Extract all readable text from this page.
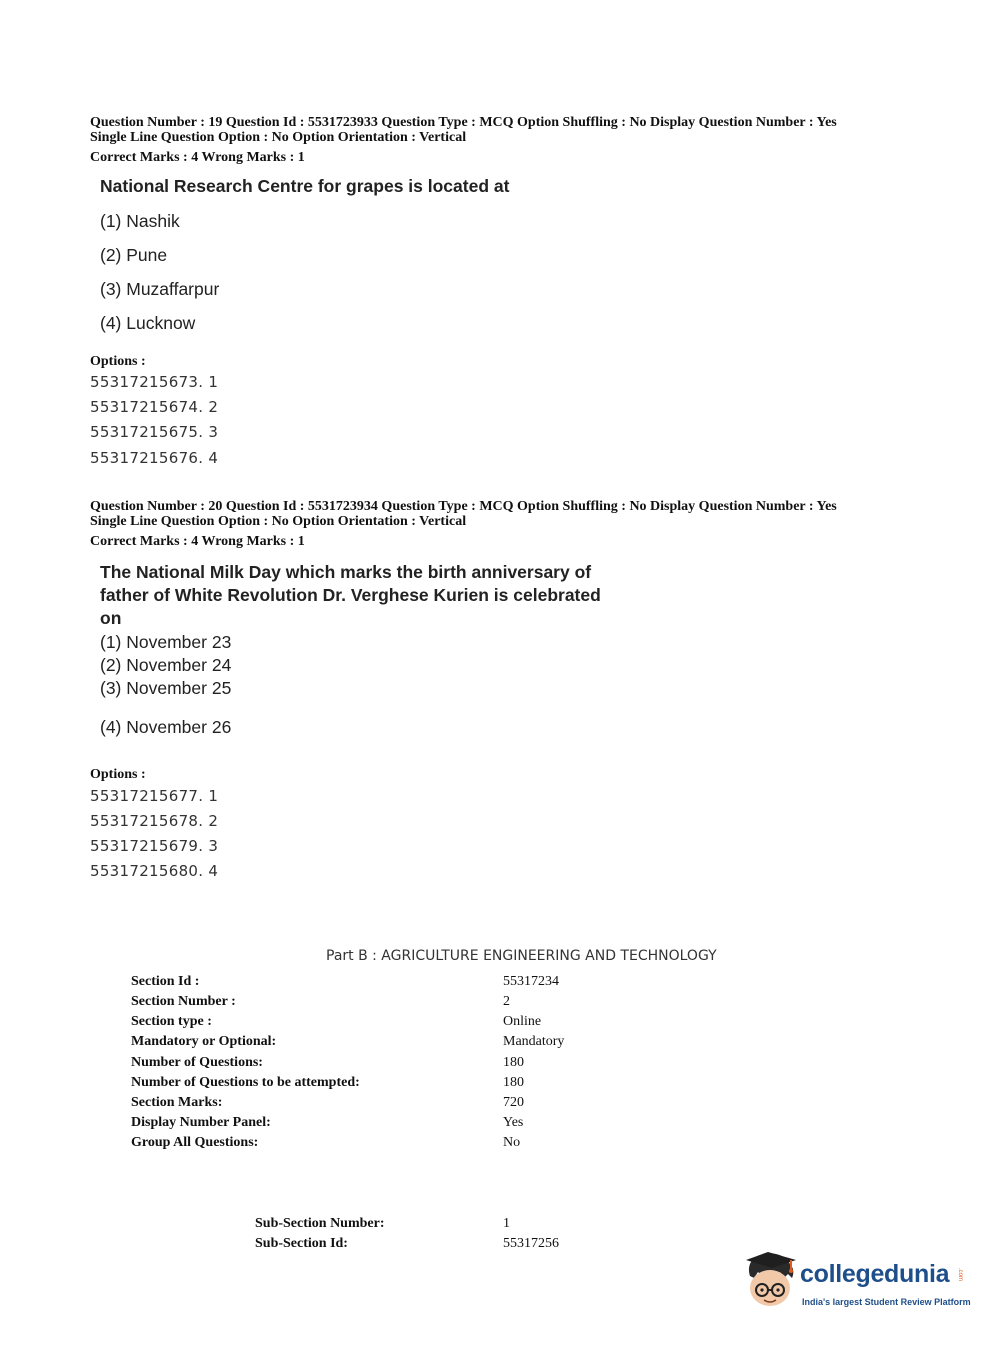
Question Number : 19 Question Id : 5531723933 Question Type : MCQ Option Shuffling : No Display Question Number : Yes
Single Line Question Option : No Option Orientation : Vertical
Correct Marks : 4 Wrong Marks : 1
National Research Centre for grapes is located at
(1) Nashik
(2) Pune
(3) Muzaffarpur
(4) Lucknow
Options :
55317215673. 1
55317215674. 2
55317215675. 3
55317215676. 4
Question Number : 20 Question Id : 5531723934 Question Type : MCQ Option Shuffling : No Display Question Number : Yes
Single Line Question Option : No Option Orientation : Vertical
Correct Marks : 4 Wrong Marks : 1
The National Milk Day which marks the birth anniversary of
father of White Revolution Dr. Verghese Kurien is celebrated
on
(1) November 23
(2) November 24
(3) November 25
(4) November 26
Options :
55317215677. 1
55317215678. 2
55317215679. 3
55317215680. 4
Part B : AGRICULTURE ENGINEERING AND TECHNOLOGY
Section Id :	55317234
Section Number :	2
Section type :	Online
Mandatory or Optional:	Mandatory
Number of Questions:	180
Number of Questions to be attempted:	180
Section Marks:	720
Display Number Panel:	Yes
Group All Questions:	No
Sub-Section Number:	1
Sub-Section Id:	55317256
collegedunia .com
India's largest Student Review Platform
